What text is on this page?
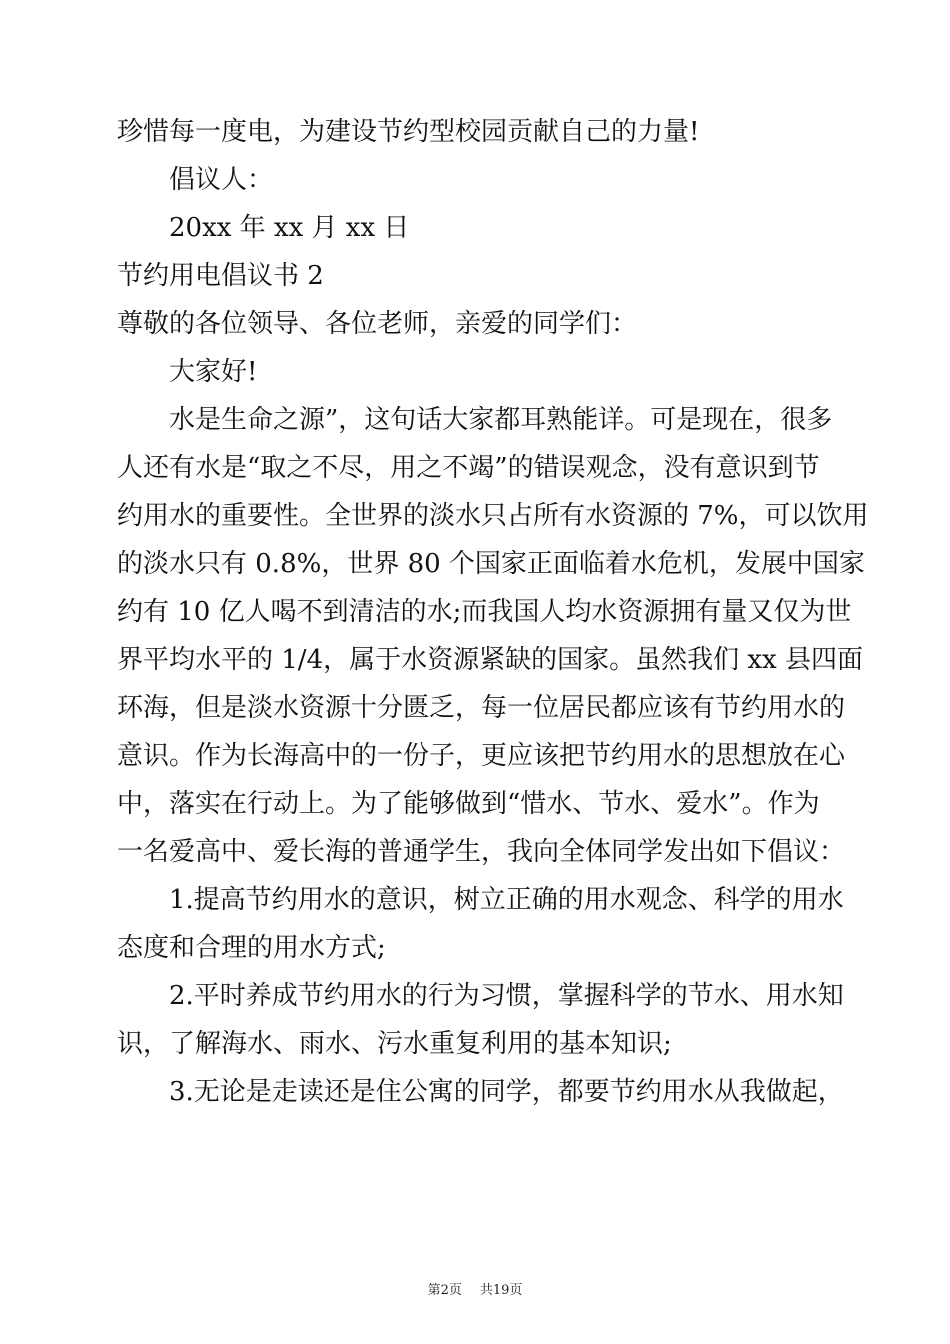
珍惜每一度电，为建设节约型校园贡献自己的力量!
倡议人：
20xx 年 xx 月 xx 日
节约用电倡议书 2
尊敬的各位领导、各位老师，亲爱的同学们：
大家好!
水是生命之源”，这句话大家都耳熟能详。可是现在，很多
人还有水是“取之不尽，用之不竭”的错误观念，没有意识到节
约用水的重要性。全世界的淡水只占所有水资源的 7%，可以饮用
的淡水只有 0.8%，世界 80 个国家正面临着水危机，发展中国家
约有 10 亿人喝不到清洁的水;而我国人均水资源拥有量又仅为世
界平均水平的 1/4，属于水资源紧缺的国家。虽然我们 xx 县四面
环海，但是淡水资源十分匮乏，每一位居民都应该有节约用水的
意识。作为长海高中的一份子，更应该把节约用水的思想放在心
中，落实在行动上。为了能够做到“惜水、节水、爱水”。作为
一名爱高中、爱长海的普通学生，我向全体同学发出如下倡议：
1.提高节约用水的意识，树立正确的用水观念、科学的用水
态度和合理的用水方式;
2.平时养成节约用水的行为习惯，掌握科学的节水、用水知
识，了解海水、雨水、污水重复利用的基本知识;
3.无论是走读还是住公寓的同学，都要节约用水从我做起，
第2页 共19页
